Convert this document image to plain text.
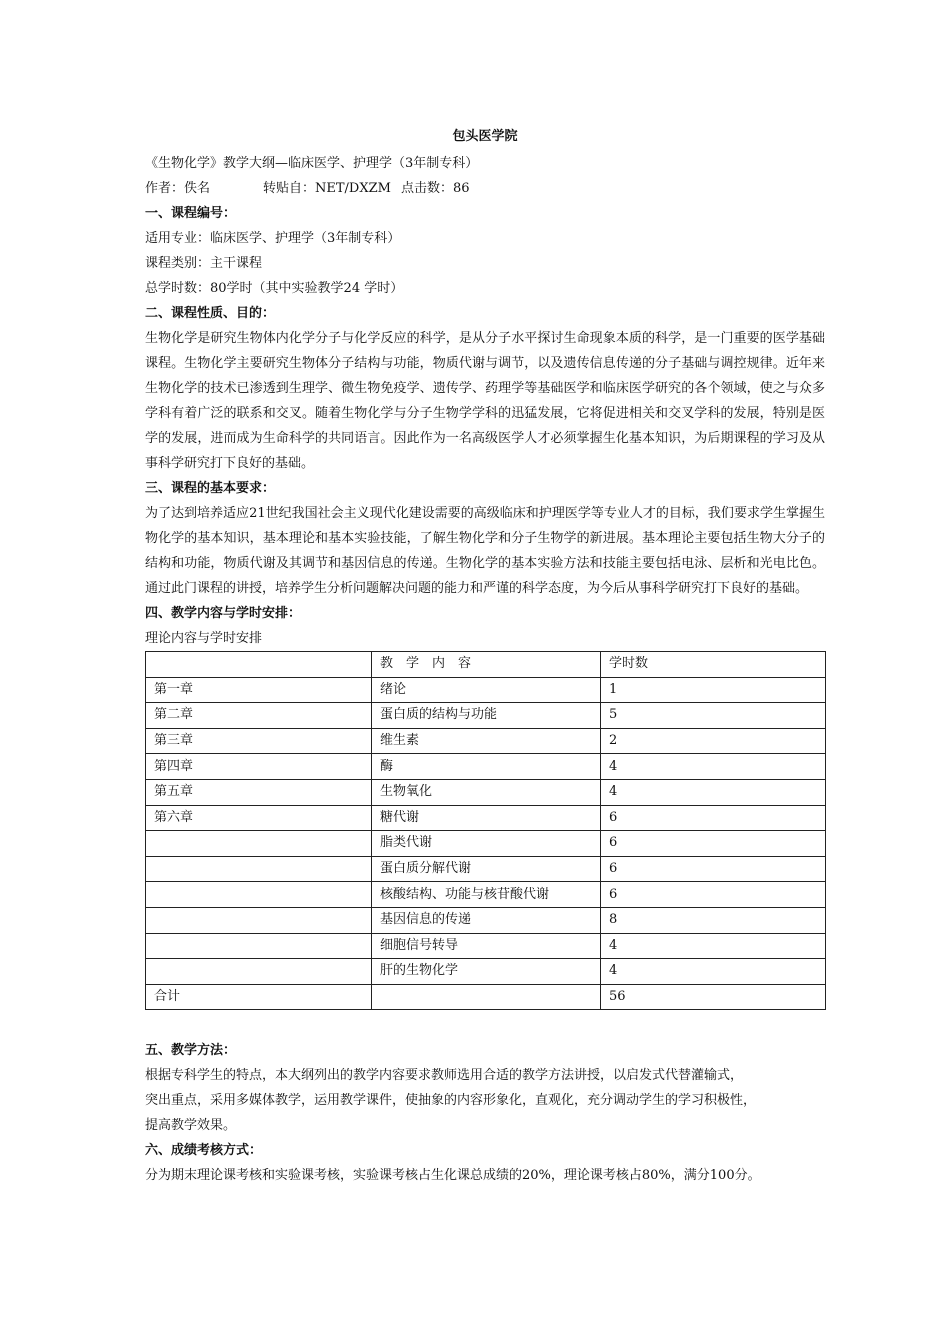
包头医学院
《生物化学》教学大纲—临床医学、护理学（3年制专科）
作者：佚名	转贴自：NET/DXZM 点击数：86
一、课程编号：
适用专业：临床医学、护理学（3年制专科）
课程类别：主干课程
总学时数：80学时（其中实验教学24 学时）
二、课程性质、目的：
生物化学是研究生物体内化学分子与化学反应的科学，是从分子水平探讨生命现象本质的科学，是一门重要的医学基础课程。生物化学主要研究生物体分子结构与功能，物质代谢与调节，以及遗传信息传递的分子基础与调控规律。近年来生物化学的技术已渗透到生理学、微生物免疫学、遗传学、药理学等基础医学和临床医学研究的各个领域，使之与众多学科有着广泛的联系和交叉。随着生物化学与分子生物学学科的迅猛发展，它将促进相关和交叉学科的发展，特别是医学的发展，进而成为生命科学的共同语言。因此作为一名高级医学人才必须掌握生化基本知识，为后期课程的学习及从事科学研究打下良好的基础。
三、课程的基本要求：
为了达到培养适应21世纪我国社会主义现代化建设需要的高级临床和护理医学等专业人才的目标，我们要求学生掌握生物化学的基本知识，基本理论和基本实验技能，了解生物化学和分子生物学的新进展。基本理论主要包括生物大分子的结构和功能，物质代谢及其调节和基因信息的传递。生物化学的基本实验方法和技能主要包括电泳、层析和光电比色。通过此门课程的讲授，培养学生分析问题解决问题的能力和严谨的科学态度，为今后从事科学研究打下良好的基础。
四、教学内容与学时安排：
理论内容与学时安排
	教　学　内　容	学时数
第一章	绪论	1
第二章	蛋白质的结构与功能	5
第三章	维生素	2
第四章	酶	4
第五章	生物氧化	4
第六章	糖代谢	6
	脂类代谢	6
	蛋白质分解代谢	6
	核酸结构、功能与核苷酸代谢	6
	基因信息的传递	8
	细胞信号转导	4
	肝的生物化学	4
合计		56
五、教学方法：
根据专科学生的特点，本大纲列出的教学内容要求教师选用合适的教学方法讲授，以启发式代替灌输式，
突出重点，采用多媒体教学，运用教学课件，使抽象的内容形象化，直观化，充分调动学生的学习积极性，
提高教学效果。
六、成绩考核方式：
分为期末理论课考核和实验课考核，实验课考核占生化课总成绩的20%，理论课考核占80%，满分100分。
